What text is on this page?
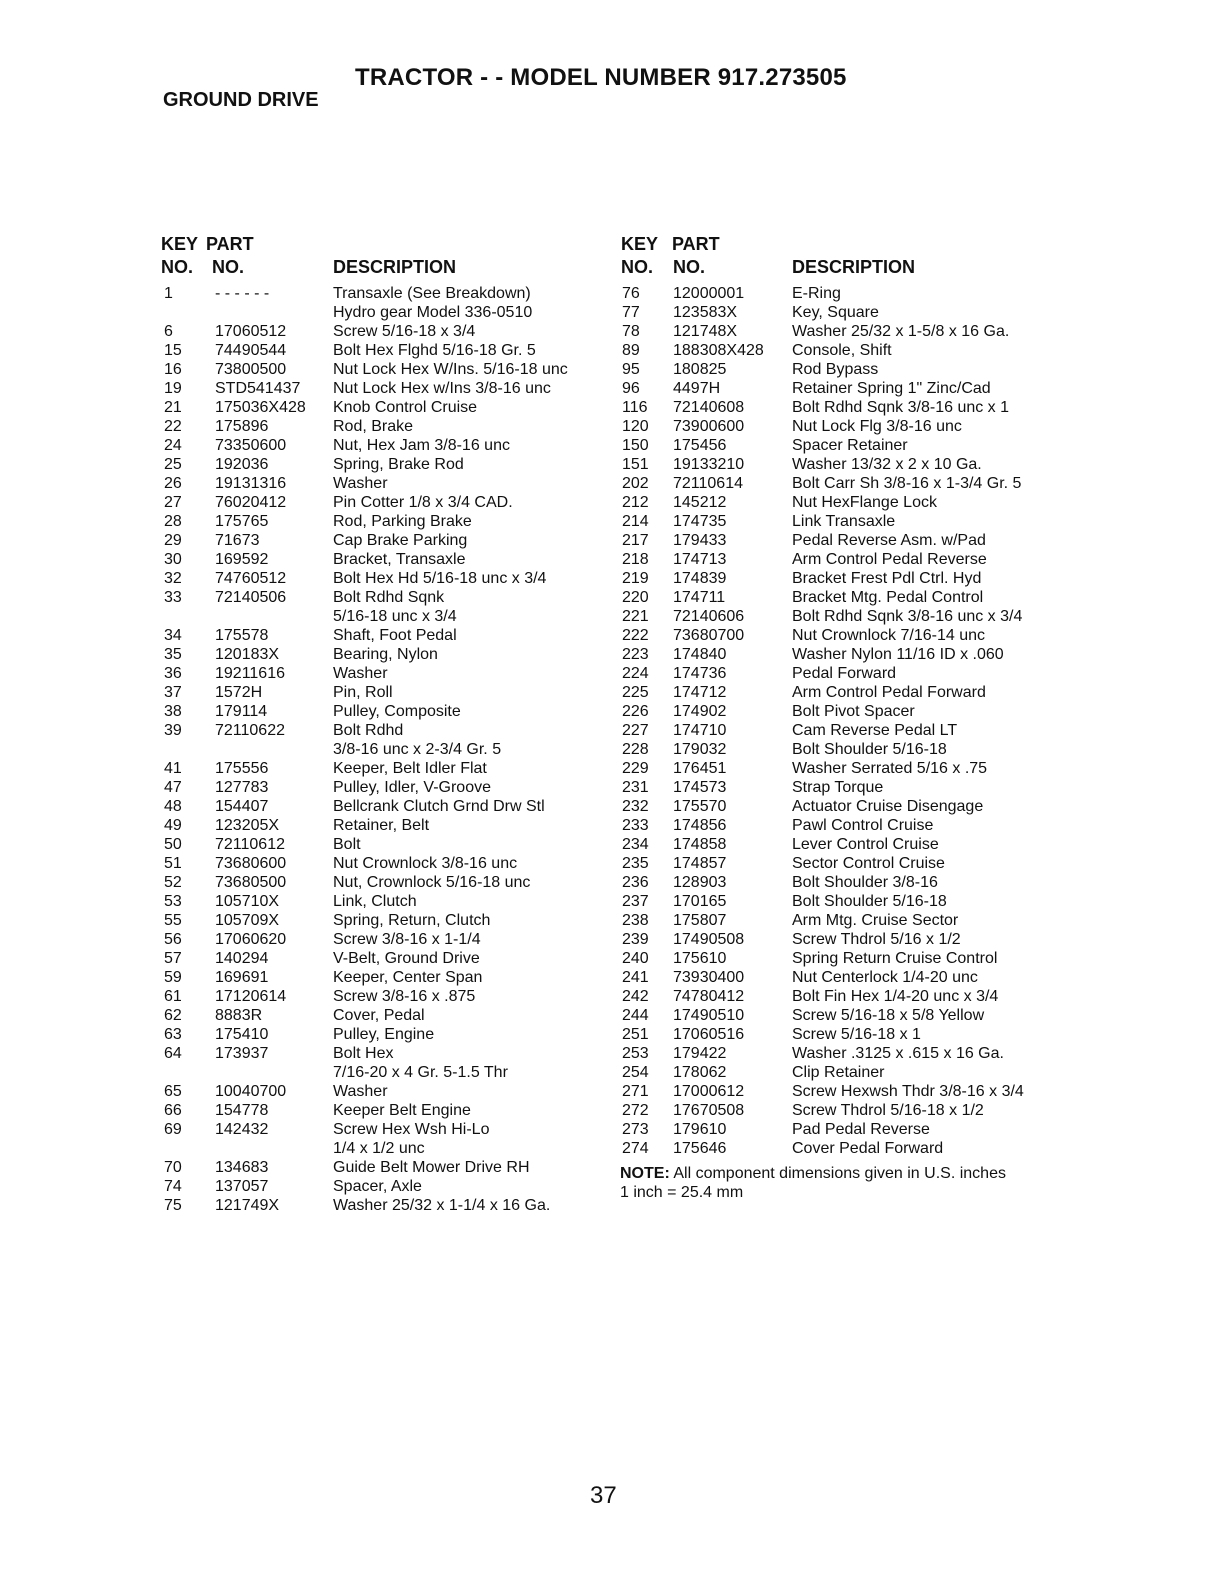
TRACTOR - - MODEL NUMBER 917.273505
GROUND DRIVE
KEY PART
NO. NO.	DESCRIPTION
1	- - - - - -	Transaxle (See Breakdown)
Hydro gear Model 336-0510
6	17060512	Screw 5/16-18 x 3/4
15 74490544	Bolt Hex Flghd 5/16-18 Gr. 5
16 73800500	Nut Lock Hex W/Ins. 5/16-18 unc
19 STD541437 Nut Lock Hex w/Ins 3/8-16 unc
21 175036X428 Knob Control Cruise
22 175896	Rod, Brake
24 73350600	Nut, Hex Jam 3/8-16 unc
25 192036	Spring, Brake Rod
26 19131316	Washer
27 76020412	Pin Cotter 1/8 x 3/4 CAD.
28 175765	Rod, Parking Brake
29 71673	Cap Brake Parking
30 169592	Bracket, Transaxle
32 74760512	Bolt Hex Hd 5/16-18 unc x 3/4
33 72140506	Bolt Rdhd Sqnk
5/16-18 unc x 3/4
34 175578	Shaft, Foot Pedal
35 120183X	Bearing, Nylon
36 19211616	Washer
37 1572H	Pin, Roll
38 179114	Pulley, Composite
39 72110622	Bolt Rdhd
3/8-16 unc x 2-3/4 Gr. 5
41 175556	Keeper, Belt Idler Flat
47 127783	Pulley, Idler, V-Groove
48 154407	Bellcrank Clutch Grnd Drw Stl
49 123205X	Retainer, Belt
50 72110612	Bolt
51 73680600	Nut Crownlock 3/8-16 unc
52 73680500	Nut, Crownlock 5/16-18 unc
53 105710X	Link, Clutch
55 105709X	Spring, Return, Clutch
56 17060620	Screw 3/8-16 x 1-1/4
57 140294	V-Belt, Ground Drive
59 169691	Keeper, Center Span
61 17120614	Screw 3/8-16 x .875
62 8883R	Cover, Pedal
63 175410	Pulley, Engine
64 173937	Bolt Hex
7/16-20 x 4 Gr. 5-1.5 Thr
65 10040700	Washer
66 154778	Keeper Belt Engine
69 142432	Screw Hex Wsh Hi-Lo
1/4 x 1/2 unc
70 134683	Guide Belt Mower Drive RH
74 137057	Spacer, Axle
75 121749X	Washer 25/32 x 1-1/4 x 16 Ga.
KEY PART
NO. NO.	DESCRIPTION
76 12000001	E-Ring
77 123583X	Key, Square
78 121748X	Washer 25/32 x 1-5/8 x 16 Ga.
89 188308X428 Console, Shift
95 180825	Rod Bypass
96 4497H	Retainer Spring 1" Zinc/Cad
116 72140608	Bolt Rdhd Sqnk 3/8-16 unc x 1
120 73900600	Nut Lock Flg 3/8-16 unc
150 175456	Spacer Retainer
151 19133210	Washer 13/32 x 2 x 10 Ga.
202 72110614	Bolt Carr Sh 3/8-16 x 1-3/4 Gr. 5
212 145212	Nut HexFlange Lock
214 174735	Link Transaxle
217 179433	Pedal Reverse Asm. w/Pad
218 174713	Arm Control Pedal Reverse
219 174839	Bracket Frest Pdl Ctrl. Hyd
220 174711	Bracket Mtg. Pedal Control
221 72140606	Bolt Rdhd Sqnk 3/8-16 unc x 3/4
222 73680700	Nut Crownlock 7/16-14 unc
223 174840	Washer Nylon 11/16 ID x .060
224 174736	Pedal Forward
225 174712	Arm Control Pedal Forward
226 174902	Bolt Pivot Spacer
227 174710	Cam Reverse Pedal LT
228 179032	Bolt Shoulder 5/16-18
229 176451	Washer Serrated 5/16 x .75
231 174573	Strap Torque
232 175570	Actuator Cruise Disengage
233 174856	Pawl Control Cruise
234 174858	Lever Control Cruise
235 174857	Sector Control Cruise
236 128903	Bolt Shoulder 3/8-16
237 170165	Bolt Shoulder 5/16-18
238 175807	Arm Mtg. Cruise Sector
239 17490508	Screw Thdrol 5/16 x 1/2
240 175610	Spring Return Cruise Control
241 73930400	Nut Centerlock 1/4-20 unc
242 74780412	Bolt Fin Hex 1/4-20 unc x 3/4
244 17490510	Screw 5/16-18 x 5/8 Yellow
251 17060516	Screw 5/16-18 x 1
253 179422	Washer .3125 x .615 x 16 Ga.
254 178062	Clip Retainer
271 17000612	Screw Hexwsh Thdr 3/8-16 x 3/4
272 17670508	Screw Thdrol 5/16-18 x 1/2
273 179610	Pad Pedal Reverse
274 175646	Cover Pedal Forward
NOTE: All component dimensions given in U.S. inches
1 inch = 25.4 mm
37
